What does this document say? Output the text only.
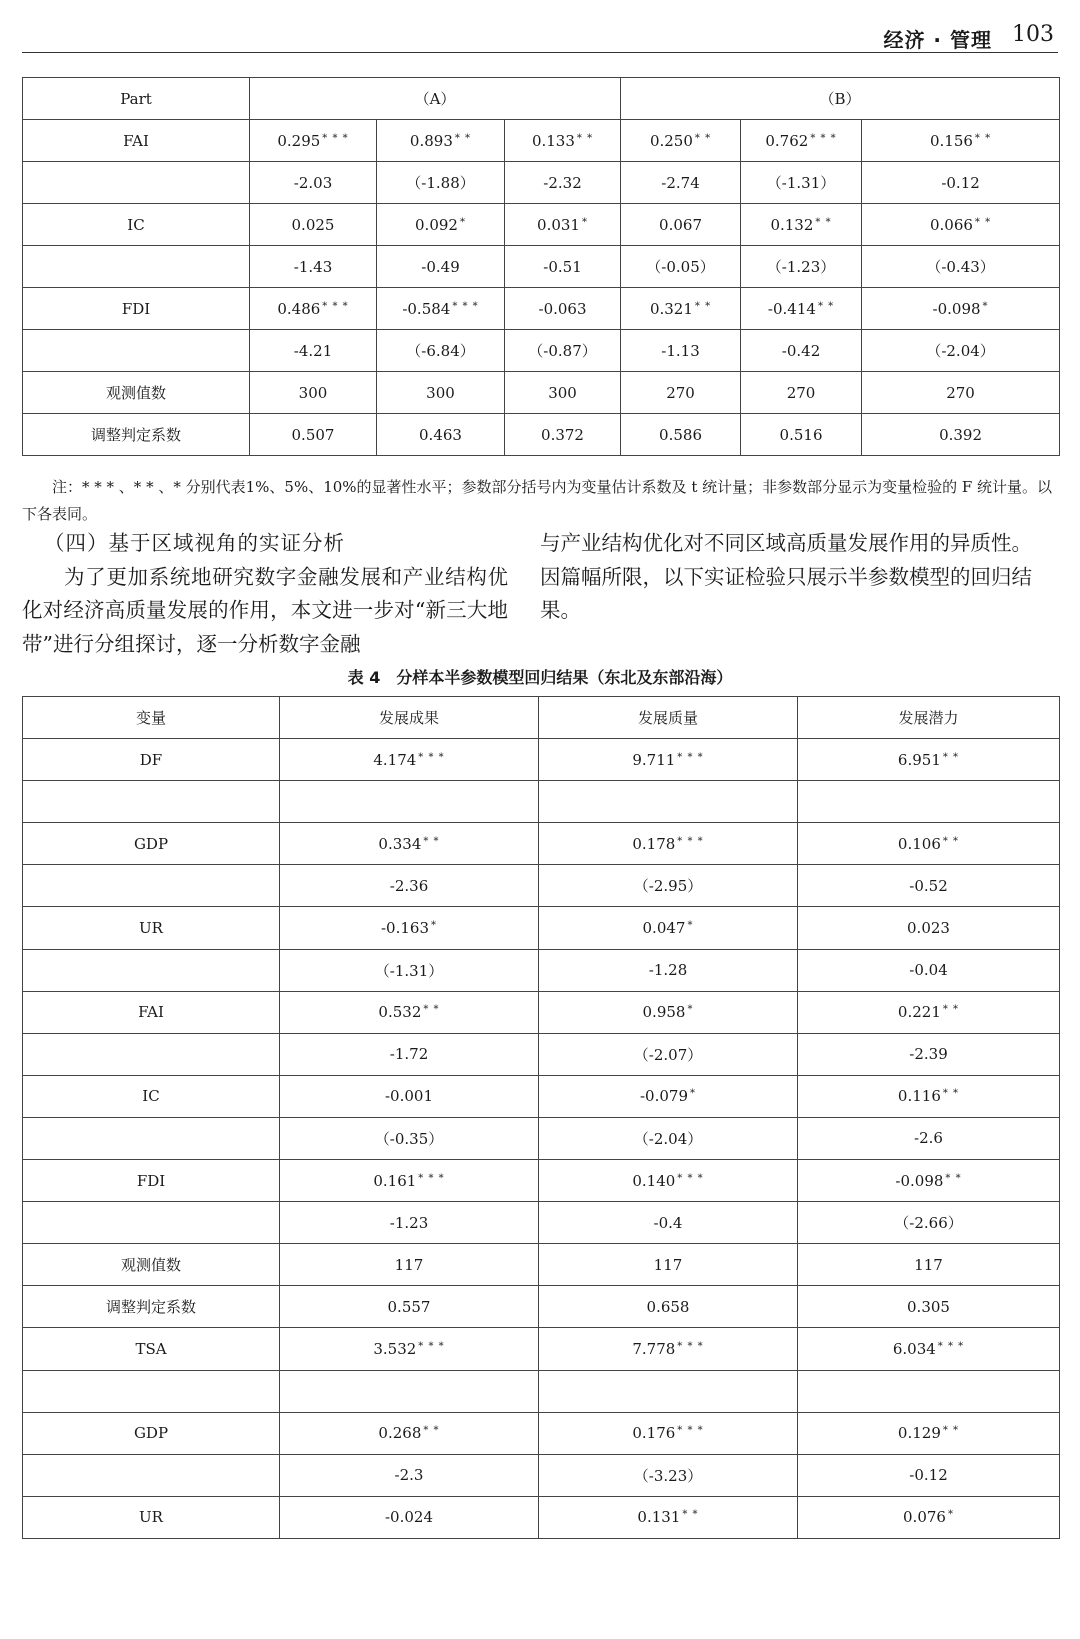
经济 · 管理 103
Part	（A）			（B）		
FAI	0.295 * * *	0.893 * *	0.133 * *	0.250 * *	0.762 * * *	0.156 * *
	-2.03	（-1.88）	-2.32	-2.74	（-1.31）	-0.12
IC	0.025	0.092 *	0.031 *	0.067	0.132 * *	0.066 * *
	-1.43	-0.49	-0.51	（-0.05）	（-1.23）	（-0.43）
FDI	0.486 * * *	-0.584 * * *	-0.063	0.321 * *	-0.414 * *	-0.098 *
	-4.21	（-6.84）	（-0.87）	-1.13	-0.42	（-2.04）
观测值数	300	300	300	270	270	270
调整判定系数	0.507	0.463	0.372	0.586	0.516	0.392
注：* * * 、* * 、* 分别代表1%、5%、10%的显著性水平；参数部分括号内为变量估计系数及 t 统计量；非参数部分显示为变量检验的 F 统计量。以下各表同。

（四）基于区域视角的实证分析

为了更加系统地研究数字金融发展和产业结构优化对经济高质量发展的作用，本文进一步对“新三大地带”进行分组探讨，逐一分析数字金融

与产业结构优化对不同区域高质量发展作用的异质性。因篇幅所限，以下实证检验只展示半参数模型的回归结果。

表 4　分样本半参数模型回归结果（东北及东部沿海）
变量	发展成果	发展质量	发展潜力
DF	4.174 * * *	9.711 * * *	6.951 * *

GDP	0.334 * *	0.178 * * *	0.106 * *
	-2.36	（-2.95）	-0.52
UR	-0.163 *	0.047 *	0.023
	（-1.31）	-1.28	-0.04
FAI	0.532 * *	0.958 *	0.221 * *
	-1.72	（-2.07）	-2.39
IC	-0.001	-0.079 *	0.116 * *
	（-0.35）	（-2.04）	-2.6
FDI	0.161 * * *	0.140 * * *	-0.098 * *
	-1.23	-0.4	（-2.66）
观测值数	117	117	117
调整判定系数	0.557	0.658	0.305
TSA	3.532 * * *	7.778 * * *	6.034 * * *

GDP	0.268 * *	0.176 * * *	0.129 * *
	-2.3	（-3.23）	-0.12
UR	-0.024	0.131 * *	0.076 *
